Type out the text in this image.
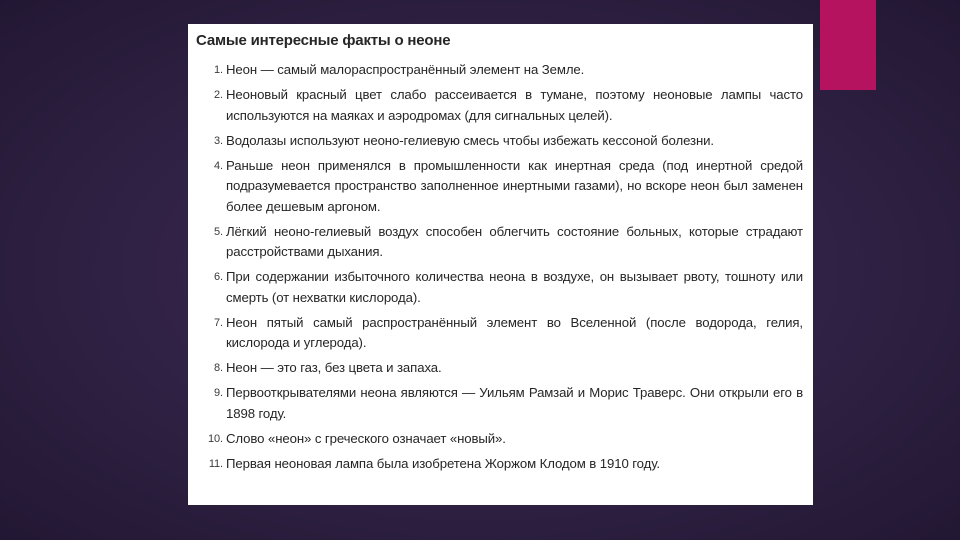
Самые интересные факты о неоне
1. Неон — самый малораспространённый элемент на Земле.
2. Неоновый красный цвет слабо рассеивается в тумане, поэтому неоновые лампы часто используются на маяках и аэродромах (для сигнальных целей).
3. Водолазы используют неоно-гелиевую смесь чтобы избежать кессоной болезни.
4. Раньше неон применялся в промышленности как инертная среда (под инертной средой подразумевается пространство заполненное инертными газами), но вскоре неон был заменен более дешевым аргоном.
5. Лёгкий неоно-гелиевый воздух способен облегчить состояние больных, которые страдают расстройствами дыхания.
6. При содержании избыточного количества неона в воздухе, он вызывает рвоту, тошноту или смерть (от нехватки кислорода).
7. Неон пятый самый распространённый элемент во Вселенной (после водорода, гелия, кислорода и углерода).
8. Неон — это газ, без цвета и запаха.
9. Первооткрывателями неона являются — Уильям Рамзай и Морис Траверс. Они открыли его в 1898 году.
10. Слово «неон» с греческого означает «новый».
11. Первая неоновая лампа была изобретена Жоржом Клодом в 1910 году.
